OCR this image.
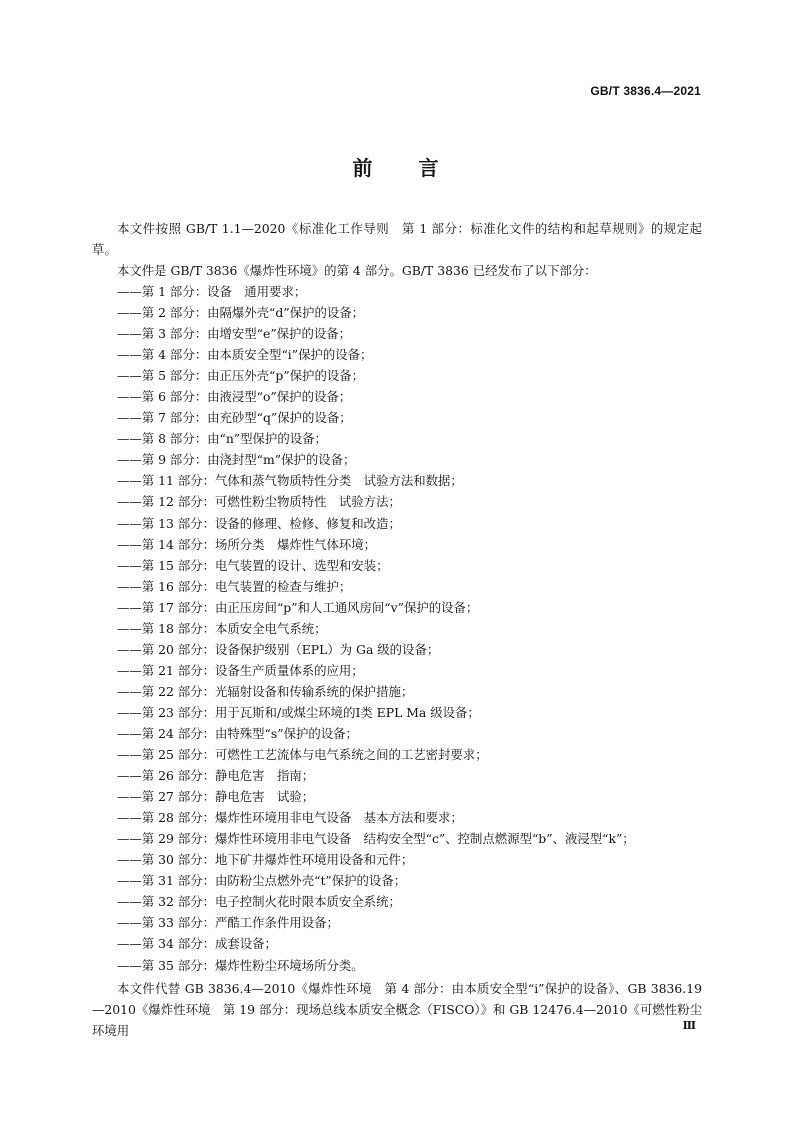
GB/T 3836.4—2021
前 言

本文件按照 GB/T 1.1—2020《标准化工作导则　第 1 部分：标准化文件的结构和起草规则》的规定起草。

本文件是 GB/T 3836《爆炸性环境》的第 4 部分。GB/T 3836 已经发布了以下部分：

——第 1 部分：设备　通用要求；

——第 2 部分：由隔爆外壳“d”保护的设备；

——第 3 部分：由增安型“e”保护的设备；

——第 4 部分：由本质安全型“i”保护的设备；

——第 5 部分：由正压外壳“p”保护的设备；

——第 6 部分：由液浸型“o”保护的设备；

——第 7 部分：由充砂型“q”保护的设备；

——第 8 部分：由“n”型保护的设备；

——第 9 部分：由浇封型“m”保护的设备；

——第 11 部分：气体和蒸气物质特性分类　试验方法和数据；

——第 12 部分：可燃性粉尘物质特性　试验方法；

——第 13 部分：设备的修理、检修、修复和改造；

——第 14 部分：场所分类　爆炸性气体环境；

——第 15 部分：电气装置的设计、选型和安装；

——第 16 部分：电气装置的检查与维护；

——第 17 部分：由正压房间“p”和人工通风房间“v”保护的设备；

——第 18 部分：本质安全电气系统；

——第 20 部分：设备保护级别（EPL）为 Ga 级的设备；

——第 21 部分：设备生产质量体系的应用；

——第 22 部分：光辐射设备和传输系统的保护措施；

——第 23 部分：用于瓦斯和/或煤尘环境的Ⅰ类 EPL Ma 级设备；

——第 24 部分：由特殊型“s”保护的设备；

——第 25 部分：可燃性工艺流体与电气系统之间的工艺密封要求；

——第 26 部分：静电危害　指南；

——第 27 部分：静电危害　试验；

——第 28 部分：爆炸性环境用非电气设备　基本方法和要求；

——第 29 部分：爆炸性环境用非电气设备　结构安全型“c”、控制点燃源型“b”、液浸型“k”；

——第 30 部分：地下矿井爆炸性环境用设备和元件；

——第 31 部分：由防粉尘点燃外壳“t”保护的设备；

——第 32 部分：电子控制火花时限本质安全系统；

——第 33 部分：严酷工作条件用设备；

——第 34 部分：成套设备；

——第 35 部分：爆炸性粉尘环境场所分类。

本文件代替 GB 3836.4—2010《爆炸性环境　第 4 部分：由本质安全型“i”保护的设备》、GB 3836.19—2010《爆炸性环境　第 19 部分：现场总线本质安全概念（FISCO）》和 GB 12476.4—2010《可燃性粉尘环境用	Ⅲ
